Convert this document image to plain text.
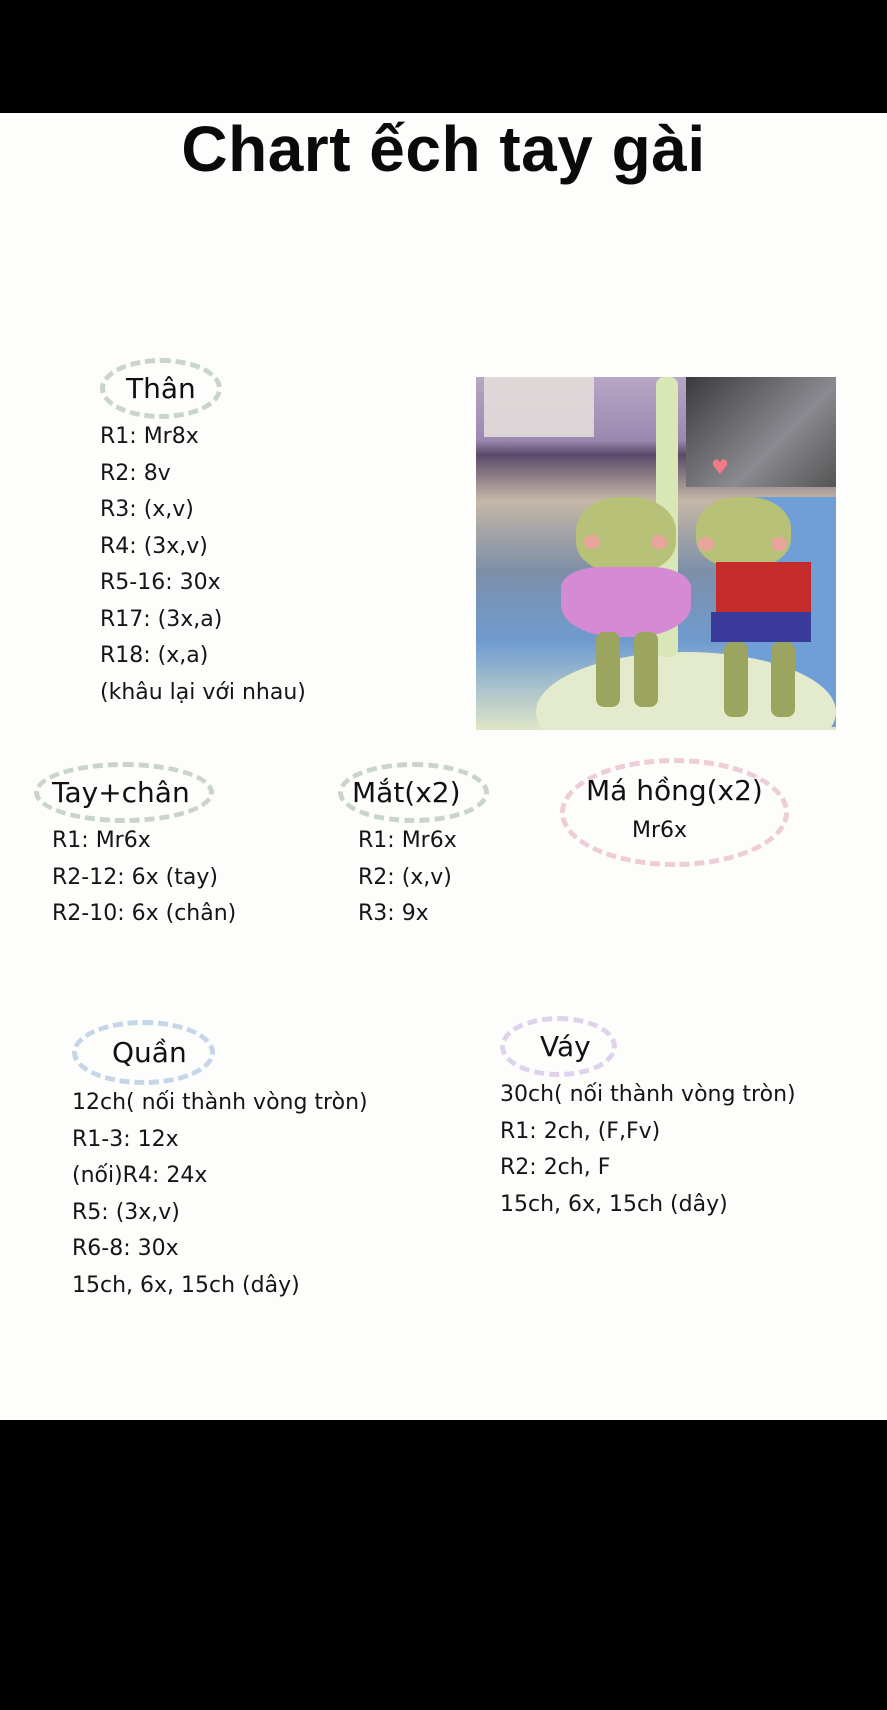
Chart ếch tay gài
Thân
R1: Mr8x
R2: 8v
R3: (x,v)
R4: (3x,v)
R5-16: 30x
R17: (3x,a)
R18: (x,a)
(khâu lại với nhau)
♥
Tay+chân
R1: Mr6x
R2-12: 6x (tay)
R2-10: 6x (chân)
Mắt(x2)
R1: Mr6x
R2: (x,v)
R3: 9x
Má hồng(x2)
Mr6x
Quần
12ch( nối thành vòng tròn)
R1-3: 12x
(nối)R4: 24x
R5: (3x,v)
R6-8: 30x
15ch, 6x, 15ch (dây)
Váy
30ch( nối thành vòng tròn)
R1: 2ch, (F,Fv)
R2: 2ch, F
15ch, 6x, 15ch (dây)
